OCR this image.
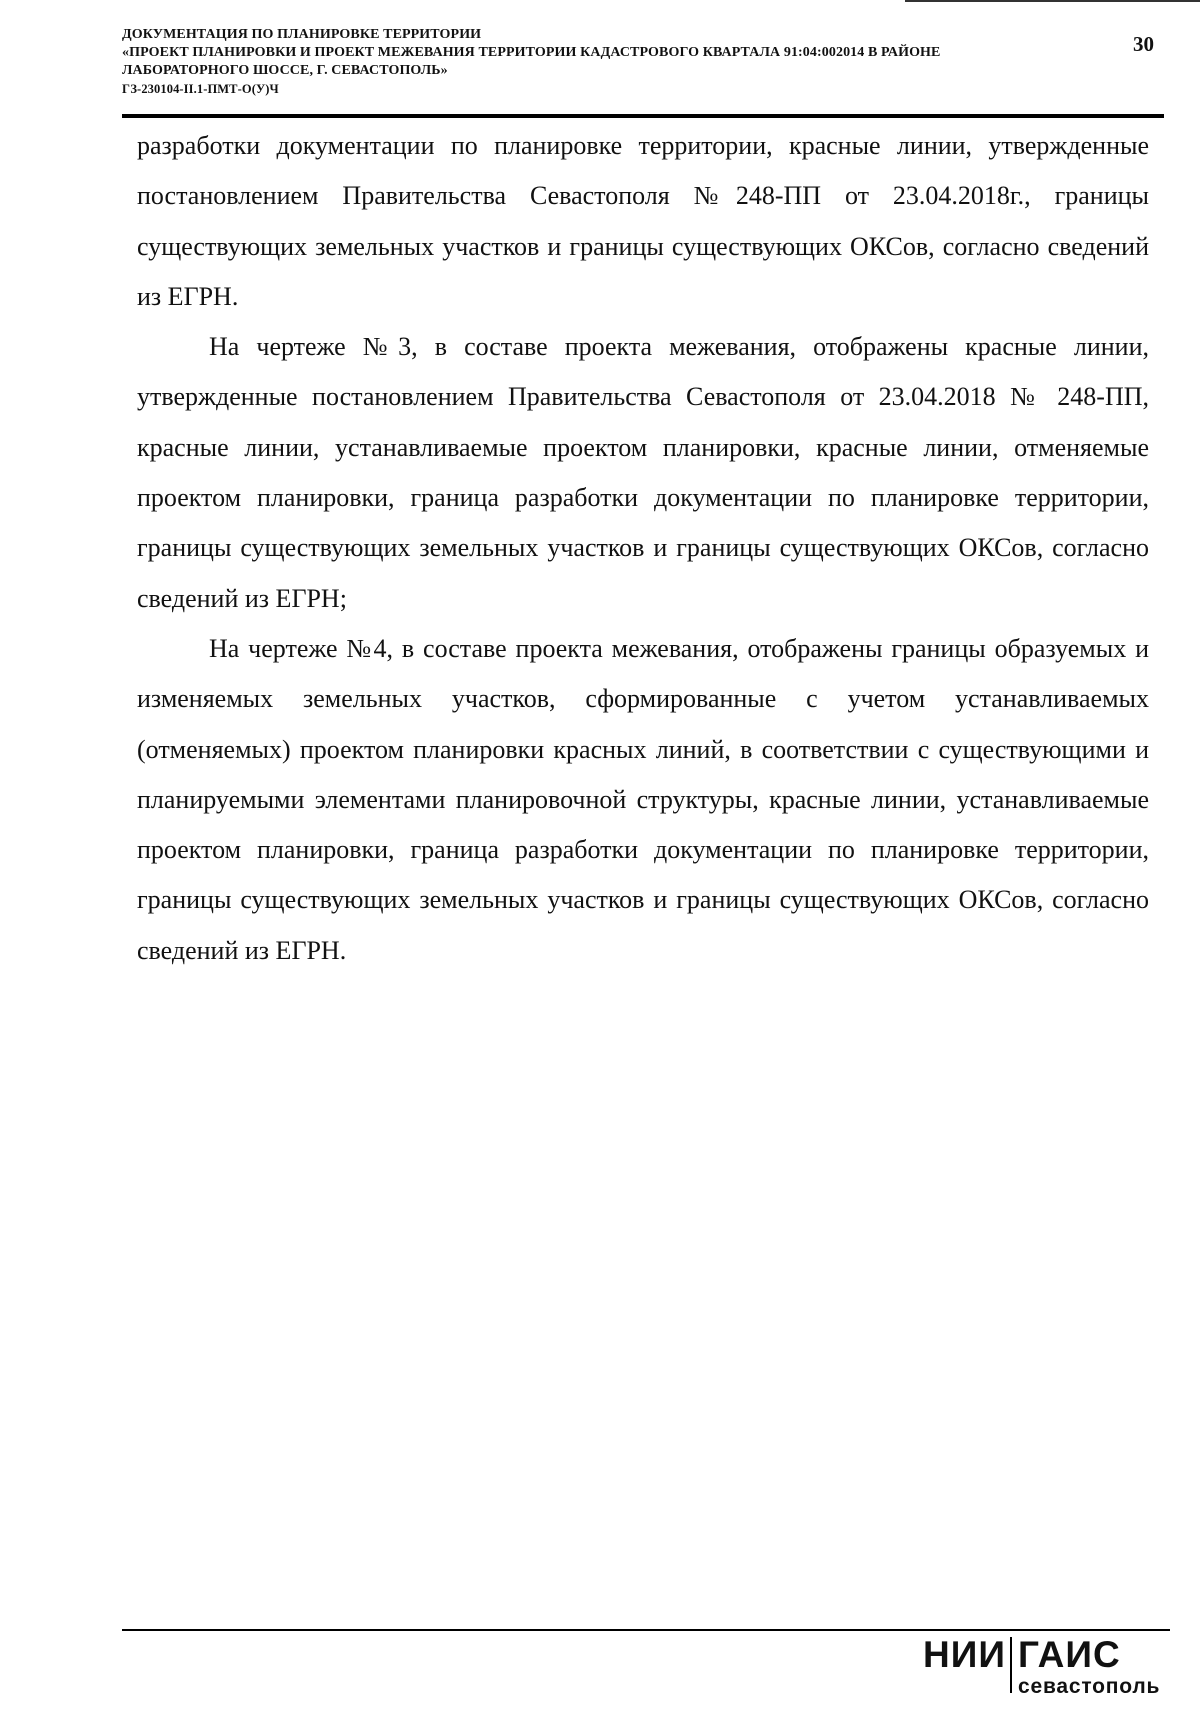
ДОКУМЕНТАЦИЯ ПО ПЛАНИРОВКЕ ТЕРРИТОРИИ
«ПРОЕКТ ПЛАНИРОВКИ И ПРОЕКТ МЕЖЕВАНИЯ ТЕРРИТОРИИ КАДАСТРОВОГО КВАРТАЛА 91:04:002014 В РАЙОНЕ
ЛАБОРАТОРНОГО ШОССЕ, Г. СЕВАСТОПОЛЬ»
ГЗ-230104-II.1-ПМТ-О(У)Ч
30

разработки документации по планировке территории, красные линии, утвержденные постановлением Правительства Севастополя №248-ПП от 23.04.2018г., границы существующих земельных участков и границы существующих ОКСов, согласно сведений из ЕГРН.

На чертеже №3, в составе проекта межевания, отображены красные линии, утвержденные постановлением Правительства Севастополя от 23.04.2018 № 248-ПП, красные линии, устанавливаемые проектом планировки, красные линии, отменяемые проектом планировки, граница разработки документации по планировке территории, границы существующих земельных участков и границы существующих ОКСов, согласно сведений из ЕГРН;

На чертеже №4, в составе проекта межевания, отображены границы образуемых и изменяемых земельных участков, сформированные с учетом устанавливаемых (отменяемых) проектом планировки красных линий, в соответствии с существующими и планируемыми элементами планировочной структуры, красные линии, устанавливаемые проектом планировки, граница разработки документации по планировке территории, границы существующих земельных участков и границы существующих ОКСов, согласно сведений из ЕГРН.

НИИ ГАИС
севастополь
